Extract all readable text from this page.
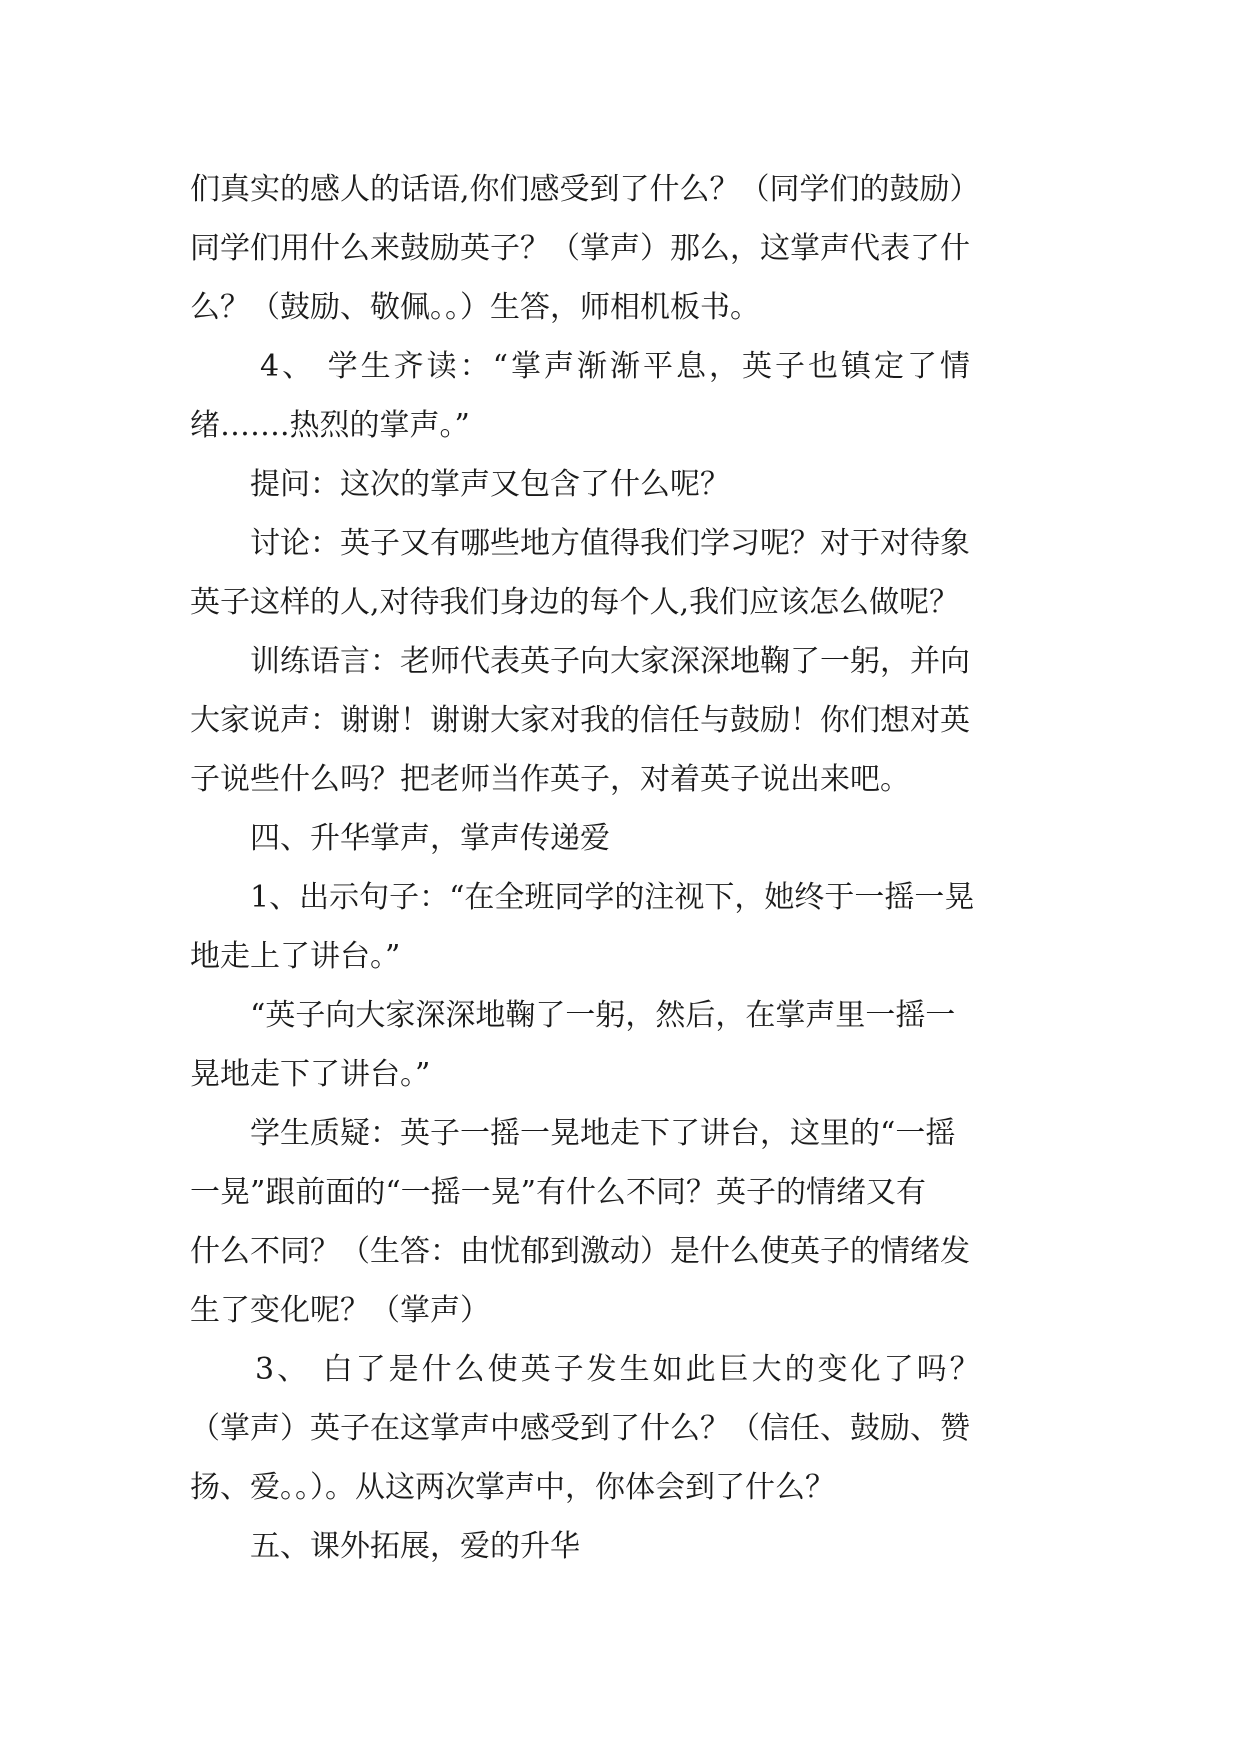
们真实的感人的话语,你们感受到了什么？（同学们的鼓励）
同学们用什么来鼓励英子？（掌声）那么，这掌声代表了什
么？（鼓励、敬佩。。）生答，师相机板书。
4、 学生齐读：“掌声渐渐平息，英子也镇定了情
绪…….热烈的掌声。”
提问：这次的掌声又包含了什么呢？
讨论：英子又有哪些地方值得我们学习呢？对于对待象
英子这样的人,对待我们身边的每个人,我们应该怎么做呢？
训练语言：老师代表英子向大家深深地鞠了一躬，并向
大家说声：谢谢！谢谢大家对我的信任与鼓励！你们想对英
子说些什么吗？把老师当作英子，对着英子说出来吧。
四、升华掌声，掌声传递爱
1、出示句子：“在全班同学的注视下，她终于一摇一晃
地走上了讲台。”
“英子向大家深深地鞠了一躬，然后，在掌声里一摇一
晃地走下了讲台。”
学生质疑：英子一摇一晃地走下了讲台，这里的“一摇
一晃”跟前面的“一摇一晃”有什么不同？英子的情绪又有
什么不同？（生答：由忧郁到激动）是什么使英子的情绪发
生了变化呢？（掌声）
3、 白了是什么使英子发生如此巨大的变化了吗？
（掌声）英子在这掌声中感受到了什么？（信任、鼓励、赞
扬、爱。。）。从这两次掌声中，你体会到了什么？
五、课外拓展，爱的升华
